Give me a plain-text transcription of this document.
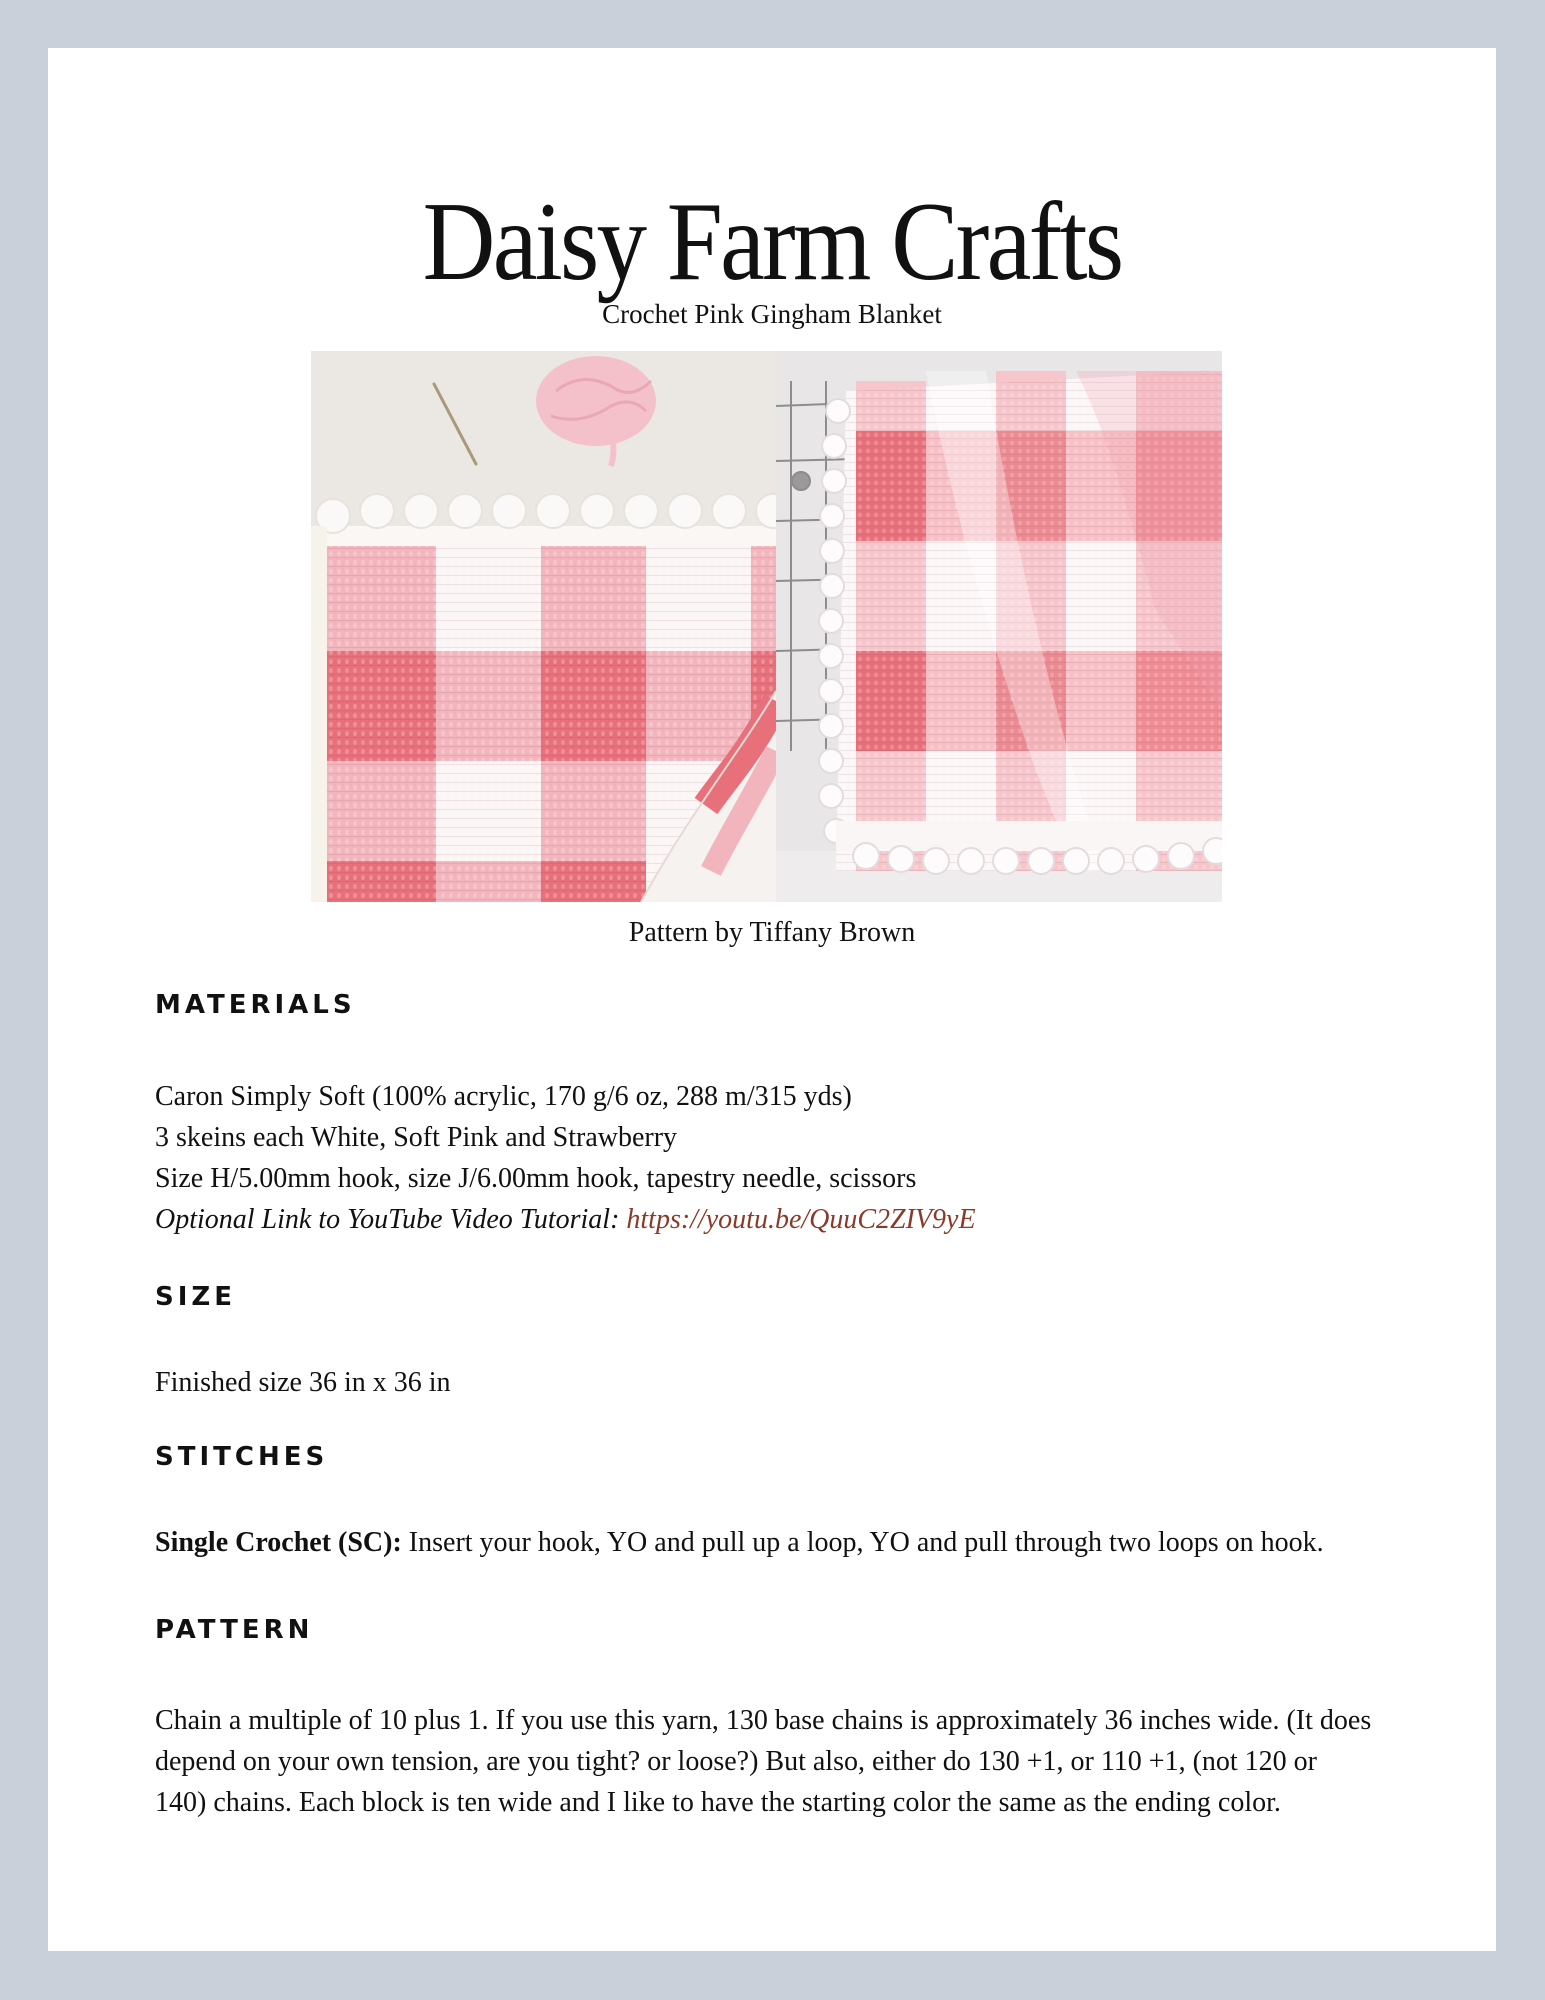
Daisy Farm Crafts

Crochet Pink Gingham Blanket

Pattern by Tiffany Brown

MATERIALS

Caron Simply Soft (100% acrylic, 170 g/6 oz, 288 m/315 yds)

3 skeins each White, Soft Pink and Strawberry

Size H/5.00mm hook, size J/6.00mm hook, tapestry needle, scissors

Optional Link to YouTube Video Tutorial: https://youtu.be/QuuC2ZIV9yE

SIZE

Finished size 36 in x 36 in

STITCHES

Single Crochet (SC): Insert your hook, YO and pull up a loop, YO and pull through two loops on hook.

PATTERN

Chain a multiple of 10 plus 1. If you use this yarn, 130 base chains is approximately 36 inches wide. (It does

depend on your own tension, are you tight? or loose?) But also, either do 130 +1, or 110 +1, (not 120 or

140) chains. Each block is ten wide and I like to have the starting color the same as the ending color.
